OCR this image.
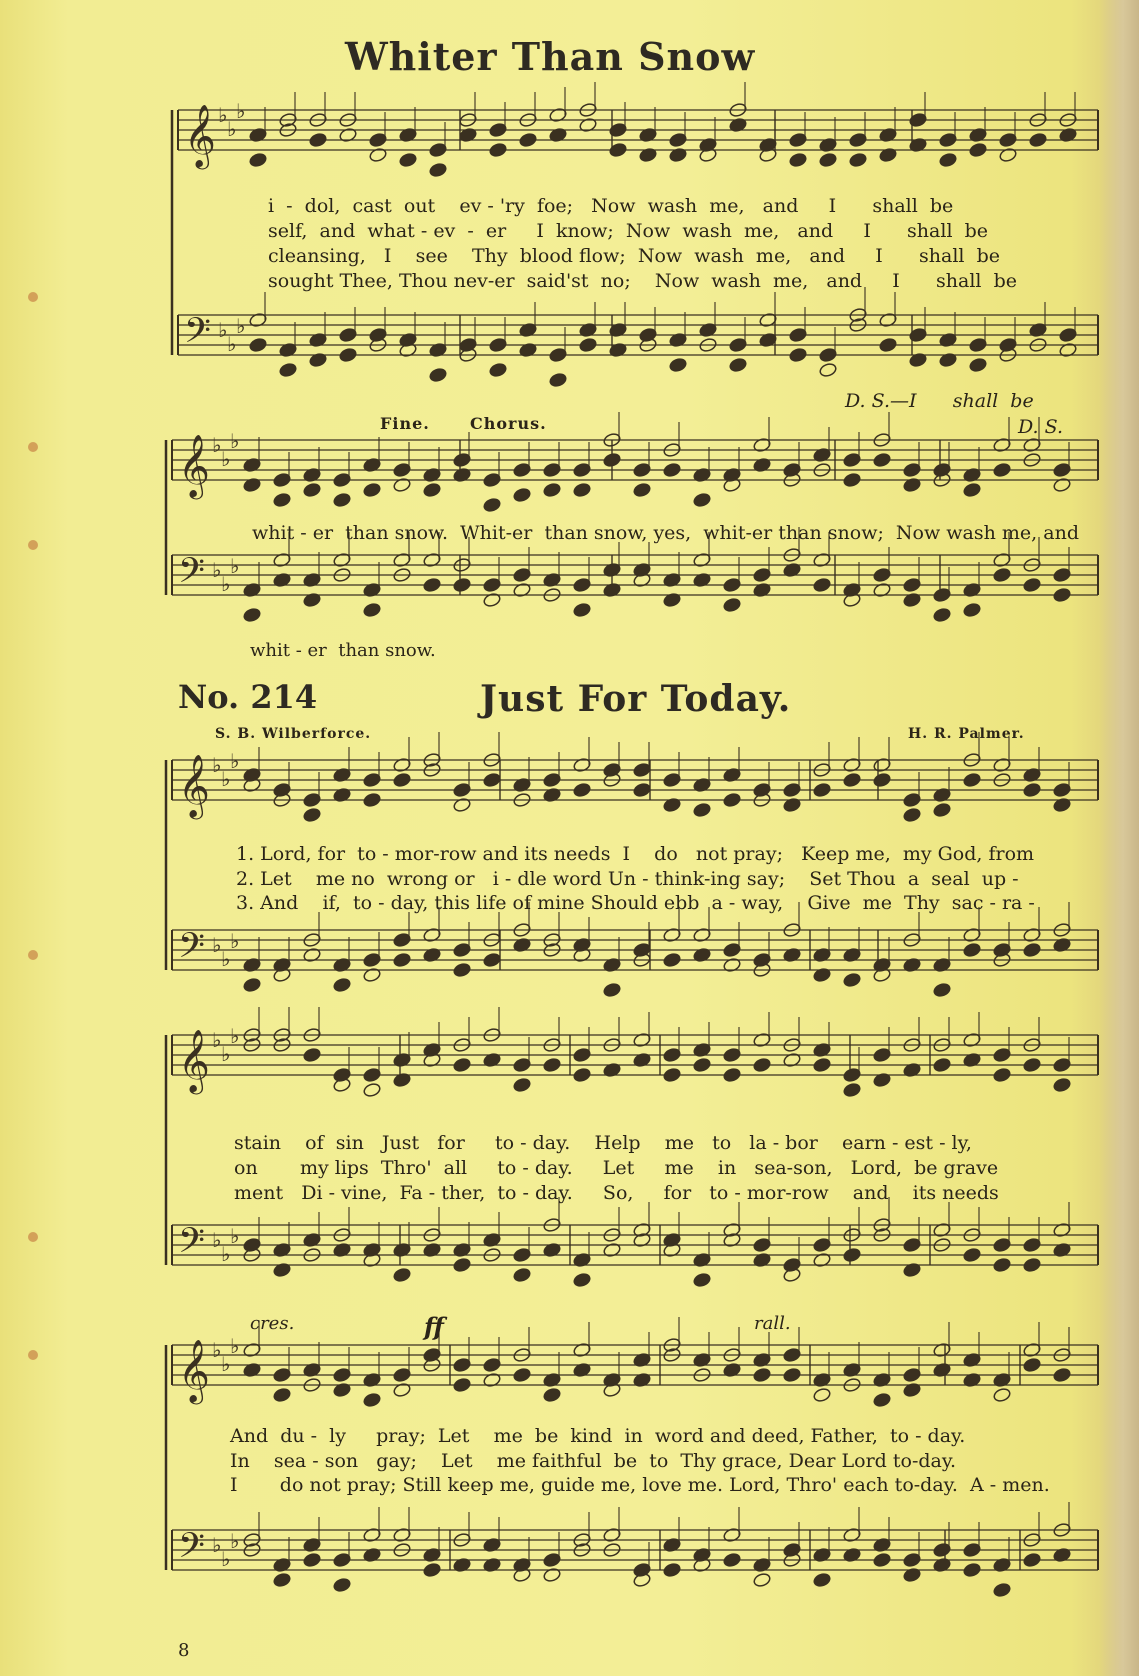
𝄞 ♭
♭
♭
𝄢 ♭
♭
♭
𝄞 ♭
♭
♭
𝄢 ♭
♭
♭
𝄞 ♭
♭
♭
𝄢 ♭
♭
♭
𝄞 ♭
♭
♭
𝄢 ♭
♭
♭
𝄞 ♭
♭
♭
𝄢 ♭
♭
♭
Whiter Than Snow
i  -  dol,  cast  out    ev - 'ry  foe;   Now  wash  me,   and     I      shall  be
self,  and  what - ev  -  er     I  know;  Now  wash  me,   and     I      shall  be
cleansing,   I    see    Thy  blood flow;  Now  wash  me,   and     I      shall  be
sought Thee, Thou nev-er  said'st  no;    Now  wash  me,   and     I      shall  be
D. S.—I      shall  be
Fine.	Chorus.	D. S.
whit - er  than snow.  Whit-er  than snow, yes,  whit-er than snow;  Now wash me, and
whit - er  than snow.
No. 214	Just For Today.
S. B. Wilberforce.	H. R. Palmer.
1. Lord, for  to - mor-row and its needs  I    do   not pray;   Keep me,  my God, from
2. Let    me no  wrong or   i - dle word Un - think-ing say;    Set Thou  a  seal  up -
3. And    if,  to - day, this life of mine Should ebb  a - way,    Give  me  Thy  sac - ra -
stain    of  sin   Just   for     to - day.    Help    me   to   la - bor    earn - est - ly,
on       my lips  Thro'  all     to - day.     Let     me    in   sea-son,   Lord,  be grave
ment   Di - vine,  Fa - ther,  to - day.     So,     for   to - mor-row    and    its needs
cres.	ff	rall.
And  du -  ly     pray;  Let    me  be  kind  in  word and deed, Father,  to - day.
In    sea - son   gay;    Let    me faithful  be  to  Thy grace, Dear Lord to-day.
I       do not pray; Still keep me, guide me, love me. Lord, Thro' each to-day.  A - men.
8
